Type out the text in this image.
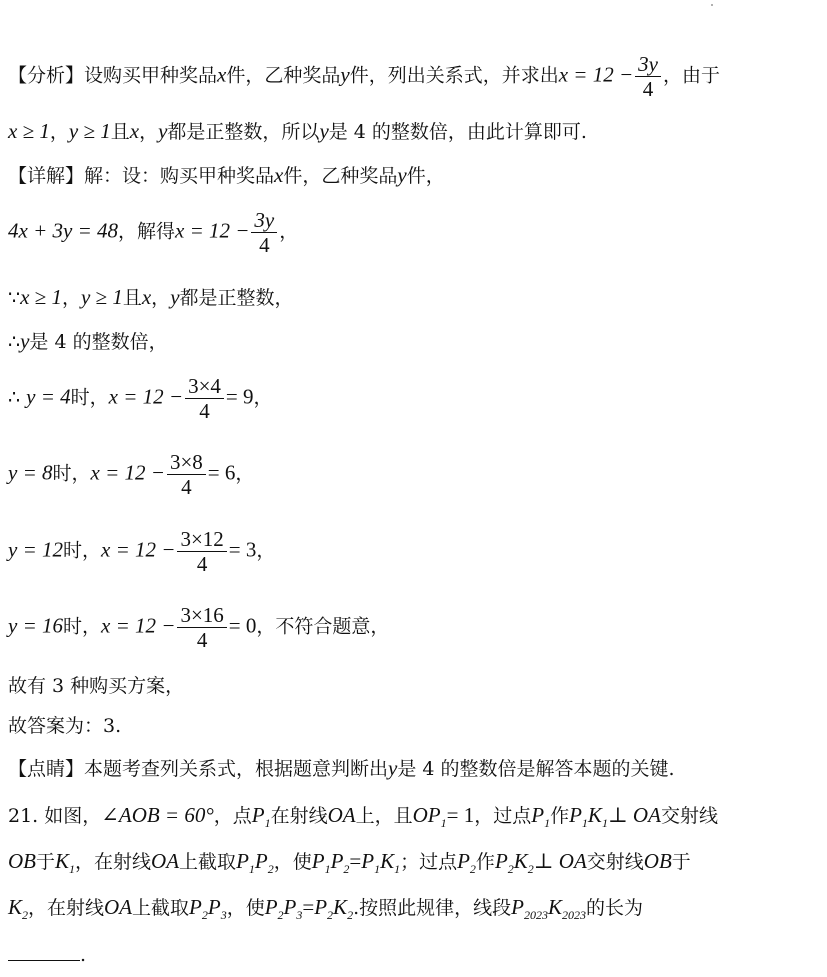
【分析】设购买甲种奖品x件，乙种奖品y件，列出关系式，并求出$x = 12 - \frac{3y}{4}$ ，由于
x ≥ 1，y ≥ 1且x，y都是正整数，所以y是 4 的整数倍，由此计算即可.
【详解】解：设：购买甲种奖品x件，乙种奖品y件，
4x + 3y = 48，解得$x = 12 - \frac{3y}{4}$ ，
∵x ≥ 1，y ≥ 1且x，y都是正整数，
∴y是 4 的整数倍，
∴ y = 4时，$x = 12 - \frac{3\times 4}{4} = 9$，
y = 8时，$x = 12 - \frac{3\times 8}{4} = 6$，
y = 12时，$x = 12 - \frac{3\times 12}{4} = 3$，
y = 16时，$x = 12 - \frac{3\times 16}{4} = 0$，不符合题意，
故有 3 种购买方案，
故答案为：3.
【点睛】本题考查列关系式，根据题意判断出y是 4 的整数倍是解答本题的关键.
21. 如图，∠AOB = 60°，点$P_1$在射线OA上，且$OP_1= 1$，过点$P_1$作$P_1K_1\perp$ OA交射线
OB于$K_1$，在射线OA上截取$P_1P_2$，使$P_1P_2=P_1K_1$；过点$P_2$作$P_2K_2\perp$ OA交射线OB于
$K_2$，在射线OA上截取$P_2P_3$，使$P_2P_3=P_2K_2$.按照此规律，线段$P_{2023}K_{2023}$的长为
.
